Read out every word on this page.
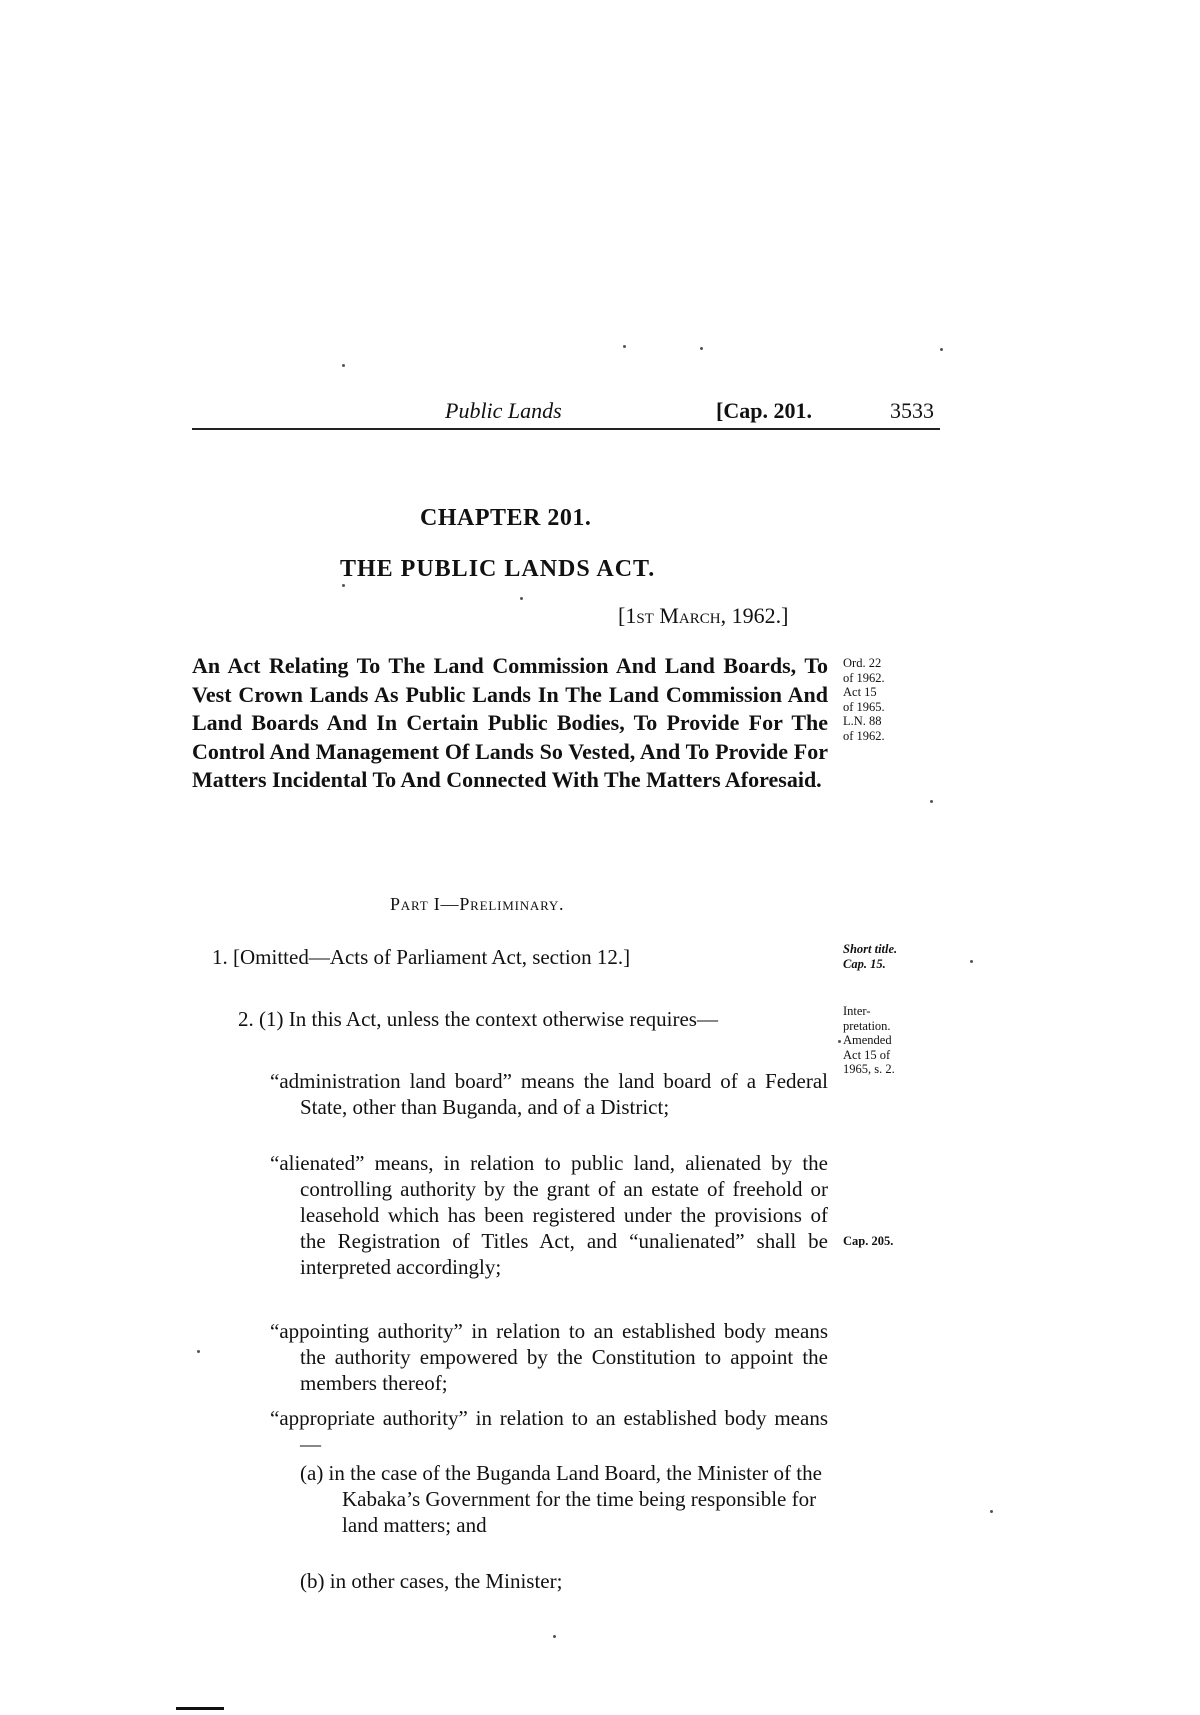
Public Lands	[Cap. 201.	3533
CHAPTER 201.
THE PUBLIC LANDS ACT.
[1st March, 1962.]
An Act Relating To The Land Commission And Land Boards, To Vest Crown Lands As Public Lands In The Land Commission And Land Boards And In Certain Public Bodies, To Provide For The Control And Management Of Lands So Vested, And To Provide For Matters Incidental To And Connected With The Matters Aforesaid.
Ord. 22
of 1962.
Act 15
of 1965.
L.N. 88
of 1962.
Part I—Preliminary.
1. [Omitted—Acts of Parliament Act, section 12.]	Short title.
Cap. 15.
2. (1) In this Act, unless the context otherwise requires—	Inter-
pretation.
Amended
Act 15 of
1965, s. 2.
“administration land board” means the land board of a Federal State, other than Buganda, and of a District;
“alienated” means, in relation to public land, alienated by the controlling authority by the grant of an estate of freehold or leasehold which has been registered under the provisions of the Registration of Titles Act, and “unalienated” shall be interpreted accordingly;
Cap. 205.
“appointing authority” in relation to an established body means the authority empowered by the Constitution to appoint the members thereof;
“appropriate authority” in relation to an established body means—
(a) in the case of the Buganda Land Board, the Minister of the Kabaka’s Government for the time being responsible for land matters; and
(b) in other cases, the Minister;
